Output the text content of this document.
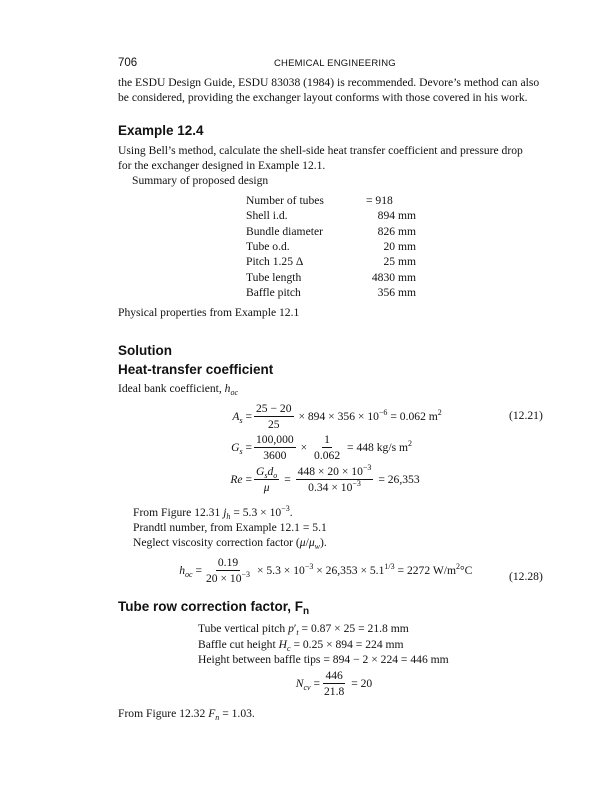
706	CHEMICAL ENGINEERING
the ESDU Design Guide, ESDU 83038 (1984) is recommended. Devore’s method can also
be considered, providing the exchanger layout conforms with those covered in his work.
Example 12.4
Using Bell’s method, calculate the shell-side heat transfer coefficient and pressure drop
for the exchanger designed in Example 12.1.
Summary of proposed design
Number of tubes	= 918
Shell i.d.	894 mm
Bundle diameter	826 mm
Tube o.d.	20 mm
Pitch 1.25 Δ	25 mm
Tube length	4830 mm
Baffle pitch	356 mm
Physical properties from Example 12.1
Solution
Heat-transfer coefficient
Ideal bank coefficient, $h_{oc}$
$A_s = \frac{25 - 20}{25} \times 894 \times 356 \times 10^{-6} = 0.062$ $m^2$	(12.21)
$G_s = \frac{100,000}{3600} \times \frac{1}{0.062} = 448$ kg/s $m^2$
$Re = \frac{G_sd_o}{\mu} = \frac{448 \times 20 \times 10^{-3}}{0.34 \times 10^{-3}} = 26,353$
From Figure 12.31 $j_h = 5.3 \times 10^{-3}$.
Prandtl number, from Example 12.1 = 5.1
Neglect viscosity correction factor $(\mu/\mu_w)$.
$h_{oc} = \frac{0.19}{20 \times 10^{-3}} \times 5.3 \times 10^{-3} \times 26,353 \times 5.1^{1/3} = 2272$ $W/m^2^\circ C$	(12.28)
Tube row correction factor, $F_n$
Tube vertical pitch $p'_t = 0.87 \times 25 = 21.8$ mm
Baffle cut height $H_c = 0.25 \times 894 = 224$ mm
Height between baffle tips = 894 − 2 × 224 = 446 mm
$N_{cv} = \frac{446}{21.8} = 20$
From Figure 12.32 $F_n = 1.03$.
